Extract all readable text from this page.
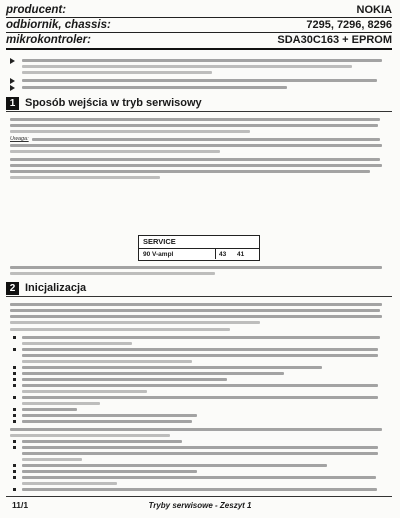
producent:	NOKIA
odbiornik, chassis:	7295, 7296, 8296
mikrokontroler:	SDA30C163 + EPROM
1 Sposób wejścia w tryb serwisowy
Uwaga:
SERVICE
90 V-ampl	43 41
2 Inicjalizacja
11/1	Tryby serwisowe - Zeszyt 1
